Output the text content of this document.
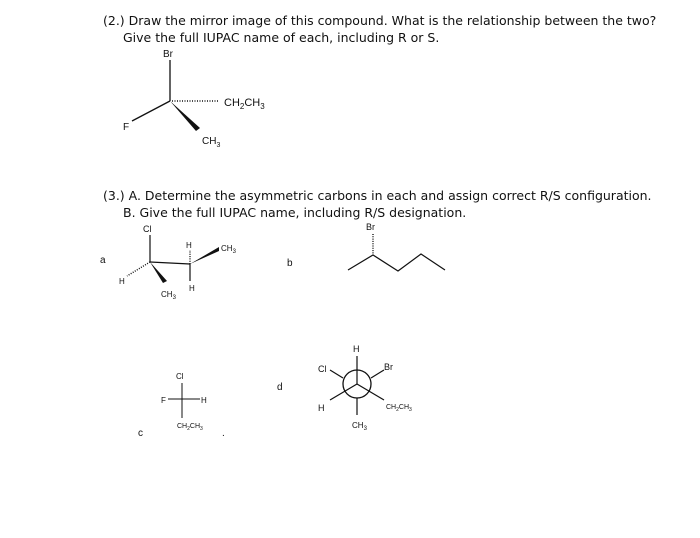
(2.) Draw the mirror image of this compound. What is the relationship between the two?
Give the full IUPAC name of each, including R or S.
(3.) A. Determine the asymmetric carbons in each and assign correct R/S configuration.
B. Give the full IUPAC name, including R/S designation.
Br
F
$CH_2CH_3$
$CH_3$
a
Cl
H
$CH_3$
H
H
$CH_3$
b
Br
c
Cl
F	H
$CH_2CH_3$ .
d
H
Cl	Br
H	$CH_2CH_3$
$CH_3$
